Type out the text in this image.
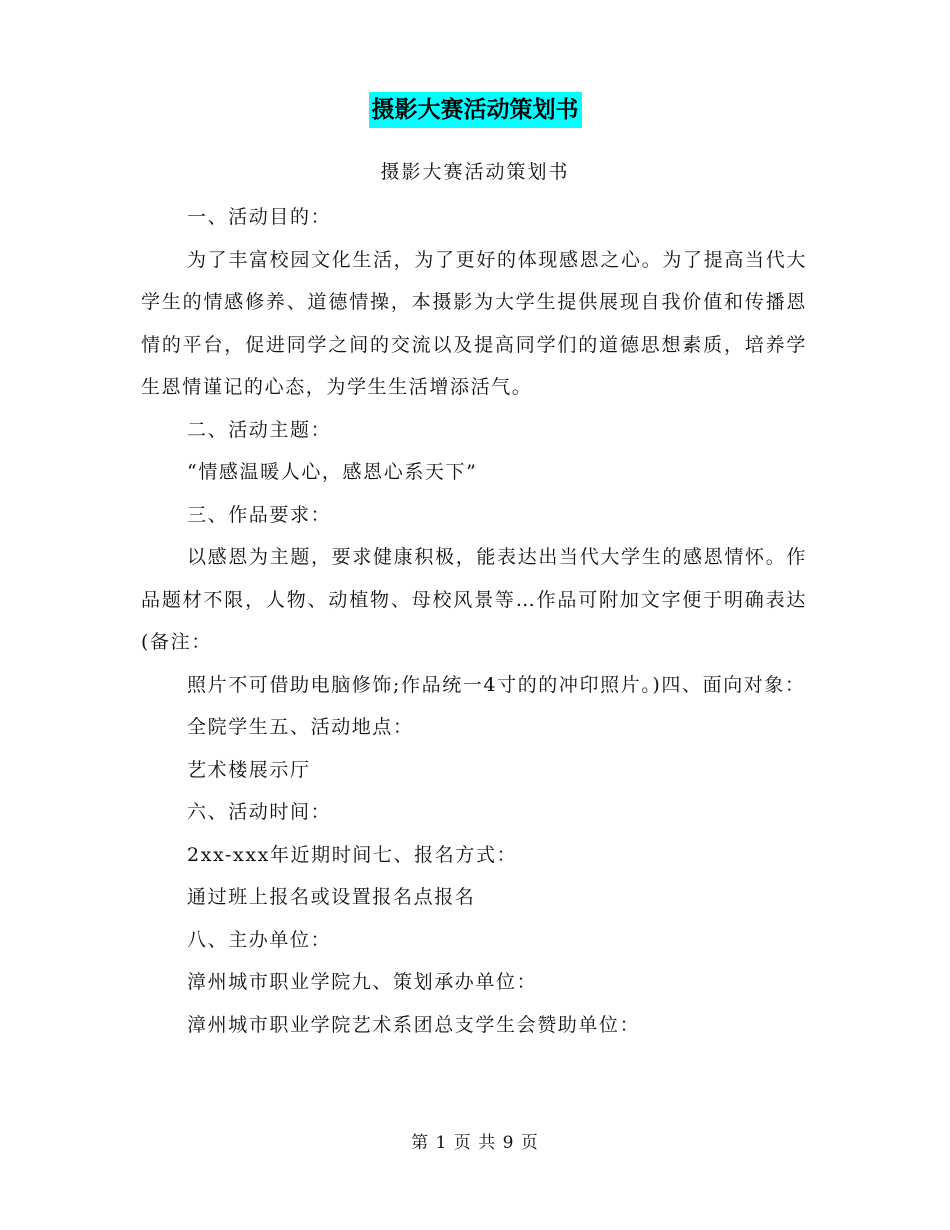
摄影大赛活动策划书
摄影大赛活动策划书

一、活动目的：

为了丰富校园文化生活，为了更好的体现感恩之心。为了提高当代大学生的情感修养、道德情操，本摄影为大学生提供展现自我价值和传播恩情的平台，促进同学之间的交流以及提高同学们的道德思想素质，培养学生恩情谨记的心态，为学生生活增添活气。

二、活动主题：

“情感温暖人心，感恩心系天下”

三、作品要求：

以感恩为主题，要求健康积极，能表达出当代大学生的感恩情怀。作品题材不限，人物、动植物、母校风景等…作品可附加文字便于明确表达(备注：

照片不可借助电脑修饰;作品统一4寸的的冲印照片。)四、面向对象：

全院学生五、活动地点：

艺术楼展示厅

六、活动时间：

2xx-xxx年近期时间七、报名方式：

通过班上报名或设置报名点报名

八、主办单位：

漳州城市职业学院九、策划承办单位：

漳州城市职业学院艺术系团总支学生会赞助单位：

第 1 页 共 9 页
